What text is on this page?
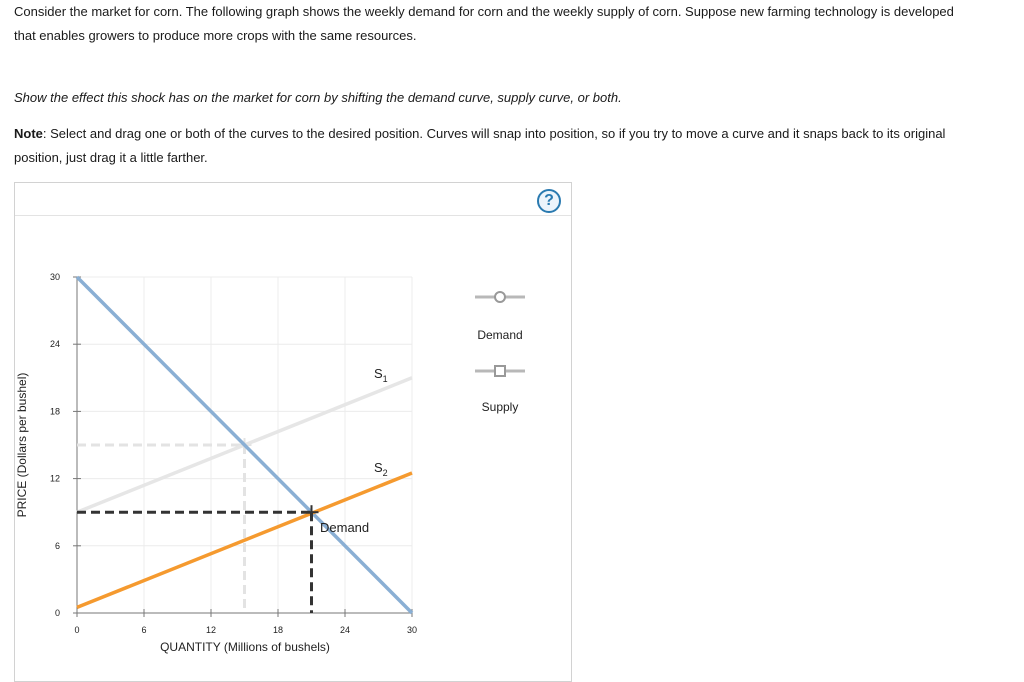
Consider the market for corn. The following graph shows the weekly demand for corn and the weekly supply of corn. Suppose new farming technology is developed that enables growers to produce more crops with the same resources.
Show the effect this shock has on the market for corn by shifting the demand curve, supply curve, or both.
Note: Select and drag one or both of the curves to the desired position. Curves will snap into position, so if you try to move a curve and it snaps back to its original position, just drag it a little farther.
?
0	6	12	18	24	30
0
6
12
18
24
30
$S_1$
$S_2$
Demand
PRICE (Dollars per bushel)
QUANTITY (Millions of bushels)
Demand
Supply
